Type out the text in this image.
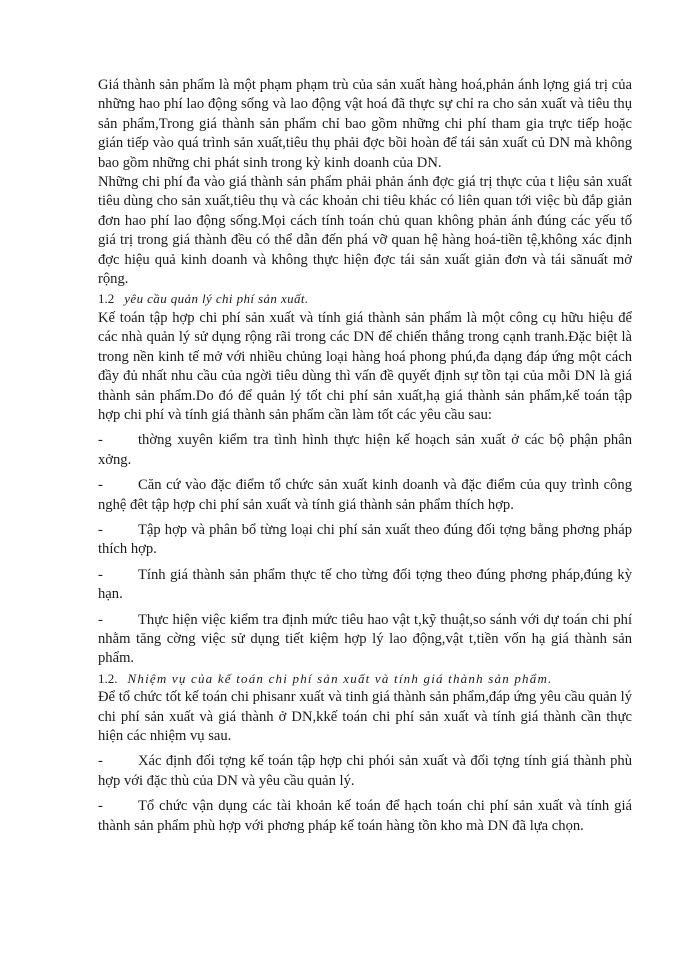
Giá thành sản phẩm là một phạm phạm trù của sản xuất hàng hoá,phản ánh lợng giá trị của những hao phí lao động sống và lao động vật hoá đã thực sự chỉ ra cho sản xuất và tiêu thụ sản phẩm,Trong giá thành sản phẩm chỉ bao gồm những chi phí tham gia trực tiếp hoặc gián tiếp vào quá trình sản xuất,tiêu thụ phải đợc bồi hoàn để tái sản xuất củ DN mà không bao gồm những chi phát sinh trong kỳ kinh doanh của DN.

Những chi phí đa vào giá thành sản phẩm phải phản ánh đợc giá trị thực của t liệu sản xuất tiêu dùng cho sản xuất,tiêu thụ và các khoản chi tiêu khác có liên quan tới việc bù đắp giản đơn hao phí lao động sống.Mọi cách tính toán chủ quan không phản ánh đúng các yếu tố giá trị trong giá thành đều có thể dẫn đến phá vỡ quan hệ hàng hoá-tiền tệ,không xác định đợc hiệu quả kinh doanh và không thực hiện đợc tái sản xuất giản đơn và tái sãnuất mở rộng.

1.2 yêu cầu quản lý chi phí sản xuất.

Kế toán tập hợp chi phí sản xuất và tính giá thành sản phẩm là một công cụ hữu hiệu để các nhà quản lý sử dụng rộng rãi trong các DN để chiến thắng trong cạnh tranh.Đặc biệt là trong nền kinh tế mở với nhiều chủng loại hàng hoá phong phú,đa dạng đáp ứng một cách đầy đủ nhất nhu cầu của ngời tiêu dùng thì vấn đề quyết định sự tồn tại của mỗi DN là giá thành sản phẩm.Do đó để quản lý tốt chi phí sản xuất,hạ giá thành sản phẩm,kế toán tập hợp chi phí và tính giá thành sản phẩm cần làm tốt các yêu cầu sau:

- thờng xuyên kiểm tra tình hình thực hiện kế hoạch sản xuất ở các bộ phận phân xởng.

- Căn cứ vào đặc điểm tổ chức sản xuất kinh doanh và đặc điểm của quy trình công nghệ đêt tập hợp chi phí sản xuất và tính giá thành sản phẩm thích hợp.

- Tập hợp và phân bổ từng loại chi phí sản xuất theo đúng đối tợng bằng phơng pháp thích hợp.

- Tính giá thành sản phẩm thực tế cho từng đối tợng theo đúng phơng pháp,đúng kỳ hạn.

- Thực hiện việc kiểm tra định mức tiêu hao vật t,kỹ thuật,so sánh với dự toán chi phí nhằm tăng cờng việc sử dụng tiết kiệm hợp lý lao động,vật t,tiền vốn hạ giá thành sản phẩm.

1.2. Nhiệm vụ của kế toán chi phí sản xuất và tính giá thành sản phẩm.

Để tổ chức tốt kế toán chi phisanr xuất và tinh giá thành sản phẩm,đáp ứng yêu cầu quản lý chi phí sản xuất và giá thành ở DN,kkế toán chi phí sản xuất và tính giá thành cần thực hiện các nhiệm vụ sau.

- Xác định đối tợng kế toán tập hợp chi phói sản xuất và đối tợng tính giá thành phù hợp với đặc thù của DN và yêu cầu quản lý.

- Tổ chức vận dụng các tài khoản kế toán để hạch toán chi phí sản xuất và tính giá thành sản phẩm phù hợp với phơng pháp kế toán hàng tồn kho mà DN đã lựa chọn.
